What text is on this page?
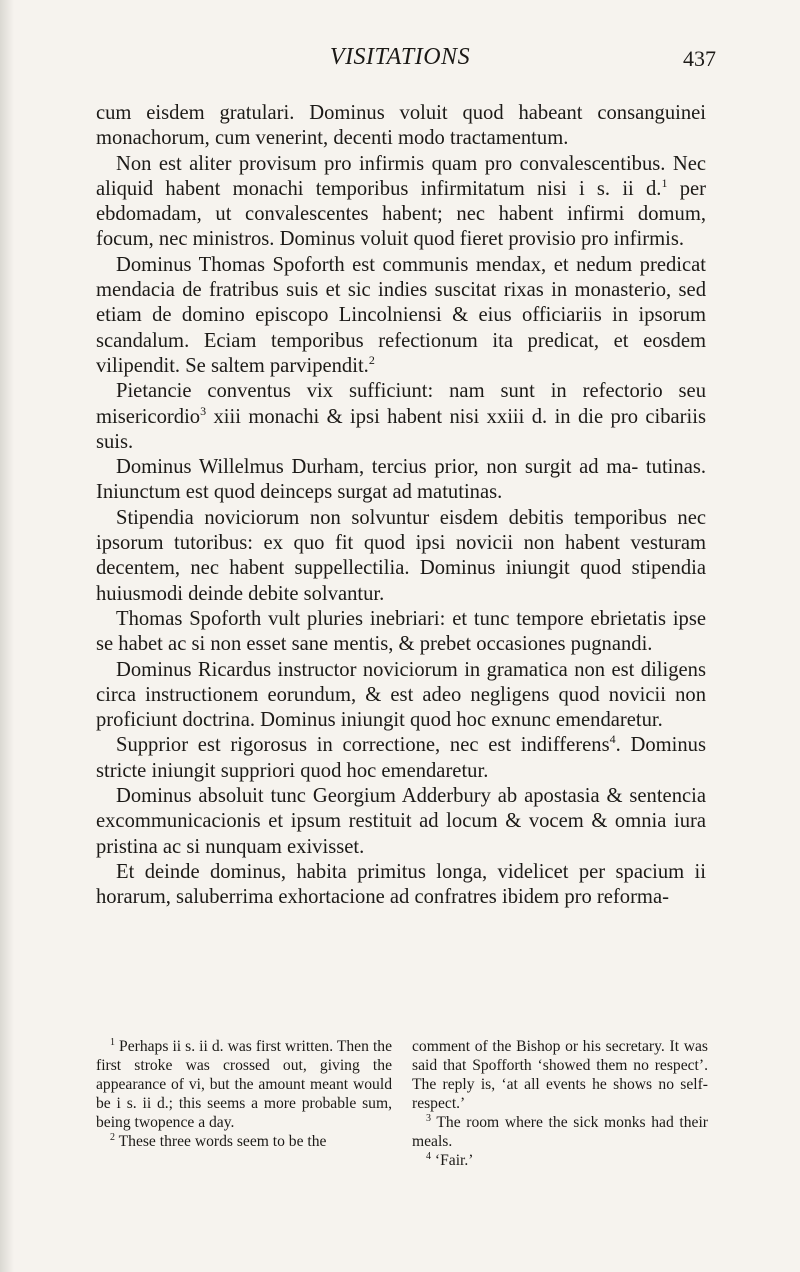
VISITATIONS	437

cum eisdem gratulari. Dominus voluit quod habeant consanguinei monachorum, cum venerint, decenti modo tractamentum.

Non est aliter provisum pro infirmis quam pro convalescentibus. Nec aliquid habent monachi temporibus infirmitatum nisi i s. ii d.$^1$ per ebdomadam, ut convalescentes habent; nec habent infirmi domum, focum, nec ministros. Dominus voluit quod fieret provisio pro infirmis.

Dominus Thomas Spoforth est communis mendax, et nedum predicat mendacia de fratribus suis et sic indies suscitat rixas in monasterio, sed etiam de domino episcopo Lincolniensi & eius officiariis in ipsorum scandalum. Eciam temporibus refectionum ita predicat, et eosdem vilipendit. Se saltem parvipendit.$^2$

Pietancie conventus vix sufficiunt: nam sunt in refectorio seu misericordio$^3$ xiii monachi & ipsi habent nisi xxiii d. in die pro cibariis suis.

Dominus Willelmus Durham, tercius prior, non surgit ad ma- tutinas. Iniunctum est quod deinceps surgat ad matutinas.

Stipendia noviciorum non solvuntur eisdem debitis temporibus nec ipsorum tutoribus: ex quo fit quod ipsi novicii non habent vesturam decentem, nec habent suppellectilia. Dominus iniungit quod stipendia huiusmodi deinde debite solvantur.

Thomas Spoforth vult pluries inebriari: et tunc tempore ebrietatis ipse se habet ac si non esset sane mentis, & prebet occasiones pugnandi.

Dominus Ricardus instructor noviciorum in gramatica non est diligens circa instructionem eorundum, & est adeo negligens quod novicii non proficiunt doctrina. Dominus iniungit quod hoc exnunc emendaretur.

Supprior est rigorosus in correctione, nec est indifferens$^4$. Dominus stricte iniungit suppriori quod hoc emendaretur.

Dominus absoluit tunc Georgium Adderbury ab apostasia & sentencia excommunicacionis et ipsum restituit ad locum & vocem & omnia iura pristina ac si nunquam exivisset.

Et deinde dominus, habita primitus longa, videlicet per spacium ii horarum, saluberrima exhortacione ad confratres ibidem pro reforma-

$^1$ Perhaps ii s. ii d. was first written. Then the first stroke was crossed out, giving the appearance of vi, but the amount meant would be i s. ii d.; this seems a more probable sum, being twopence a day.

$^2$ These three words seem to be the

comment of the Bishop or his secretary. It was said that Spofforth ‘showed them no respect’. The reply is, ‘at all events he shows no self-respect.’

$^3$ The room where the sick monks had their meals.

$^4$ ‘Fair.’
